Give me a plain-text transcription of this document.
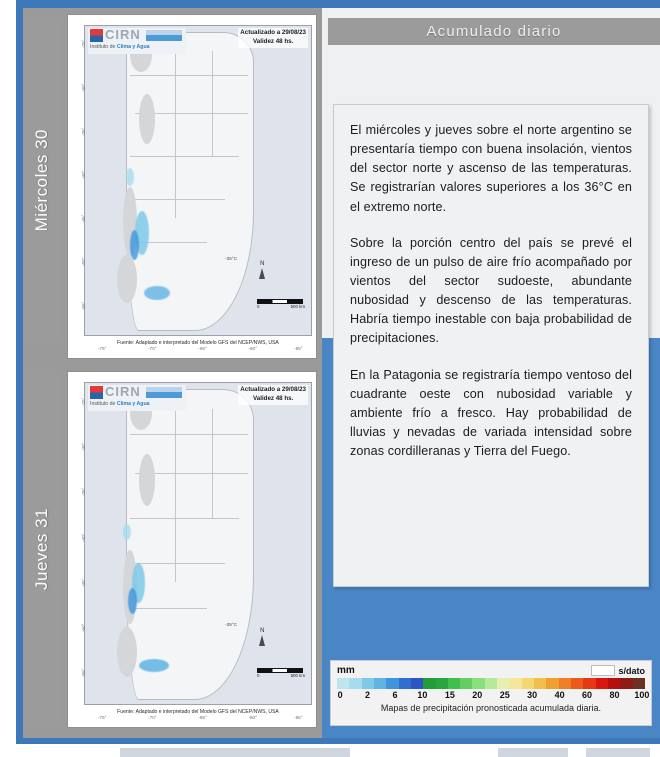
Miércoles 30
Jueves 31
CIRN
Instituto de Clima y Agua
Actualizado a 29/08/23
Validez 48 hs.
-35°C
N
0	500 km
-25°
-30°
-35°
-40°
-45°
-50°
-55°
-75°	-70°	-65°	-60°	-55°
Fuente: Adaptado e interpretado del Modelo GFS del NCEP/NWS, USA
CIRN
Instituto de Clima y Agua
Actualizado a 29/08/23
Validez 48 hs.
-35°C
N
0	500 km
-25°
-30°
-35°
-40°
-45°
-50°
-55°
-75°	-70°	-65°	-60°	-55°
Fuente: Adaptado e interpretado del Modelo GFS del NCEP/NWS, USA
Acumulado diario

El miércoles y jueves sobre el norte argentino se presentaría tiempo con buena insolación, vientos del sector norte y ascenso de las temperaturas. Se registrarían valores superiores a los 36°C en el extremo norte.

Sobre la porción centro del país se prevé el ingreso de un pulso de aire frío acompañado por vientos del sector sudoeste, abundante nubosidad y descenso de las temperaturas. Habría tiempo inestable con baja probabilidad de precipitaciones.

En la Patagonia se registraría tiempo ventoso del cuadrante oeste con nubosidad variable y ambiente frío a fresco. Hay probabilidad de lluvias y nevadas de variada intensidad sobre zonas cordilleranas y Tierra del Fuego.

mm	s/dato
0 2 6 10 15 20 25 30 40 60 80 100
Mapas de precipitación pronosticada acumulada diaria.
